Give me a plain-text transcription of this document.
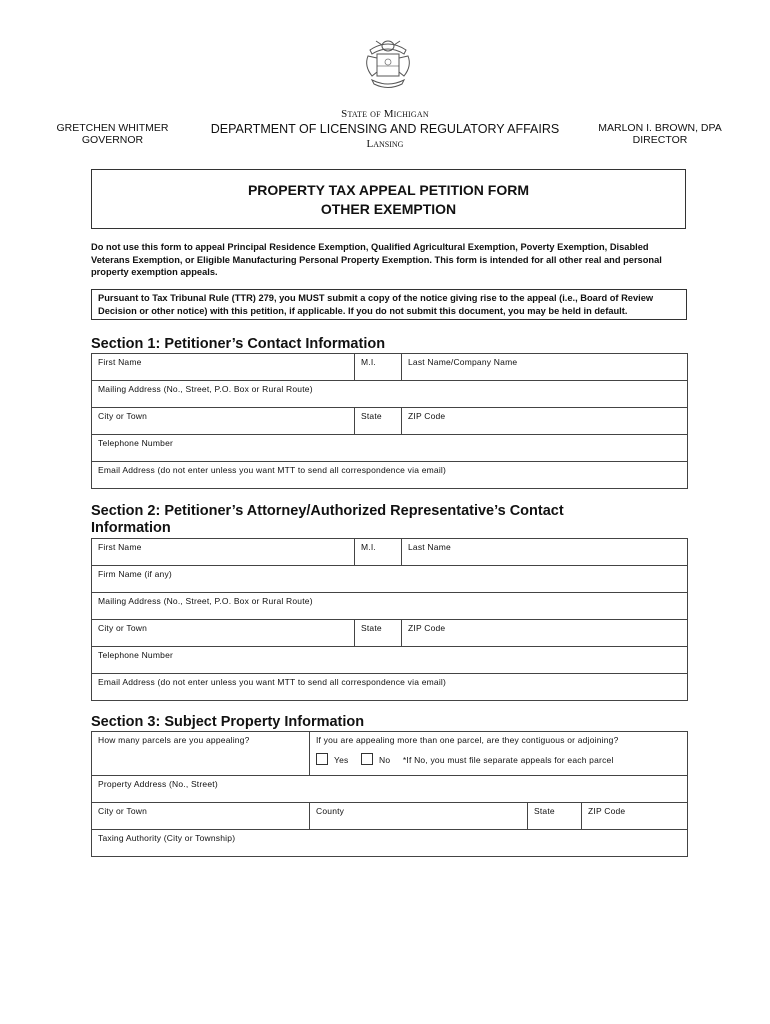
GRETCHEN WHITMER
GOVERNOR
State of Michigan
DEPARTMENT OF LICENSING AND REGULATORY AFFAIRS
Lansing
MARLON I. BROWN, DPA
DIRECTOR
PROPERTY TAX APPEAL PETITION FORM
OTHER EXEMPTION
Do not use this form to appeal Principal Residence Exemption, Qualified Agricultural Exemption, Poverty Exemption, Disabled Veterans Exemption, or Eligible Manufacturing Personal Property Exemption. This form is intended for all other real and personal property exemption appeals.
Pursuant to Tax Tribunal Rule (TTR) 279, you MUST submit a copy of the notice giving rise to the appeal (i.e., Board of Review Decision or other notice) with this petition, if applicable. If you do not submit this document, you may be held in default.
Section 1: Petitioner’s Contact Information
First Name	M.I.	Last Name/Company Name
Mailing Address (No., Street, P.O. Box or Rural Route)		
City or Town	State	ZIP Code
Telephone Number		
Email Address (do not enter unless you want MTT to send all correspondence via email)		
Section 2: Petitioner’s Attorney/Authorized Representative’s Contact Information
First Name	M.I.	Last Name
Firm Name (if any)		
Mailing Address (No., Street, P.O. Box or Rural Route)		
City or Town	State	ZIP Code
Telephone Number		
Email Address (do not enter unless you want MTT to send all correspondence via email)		
Section 3: Subject Property Information
How many parcels are you appealing?	If you are appealing more than one parcel, are they contiguous or adjoining?
Yes No *If No, you must file separate appeals for each parcel		

Property Address (No., Street)			
City or Town	County	State	ZIP Code
Taxing Authority (City or Township)			
